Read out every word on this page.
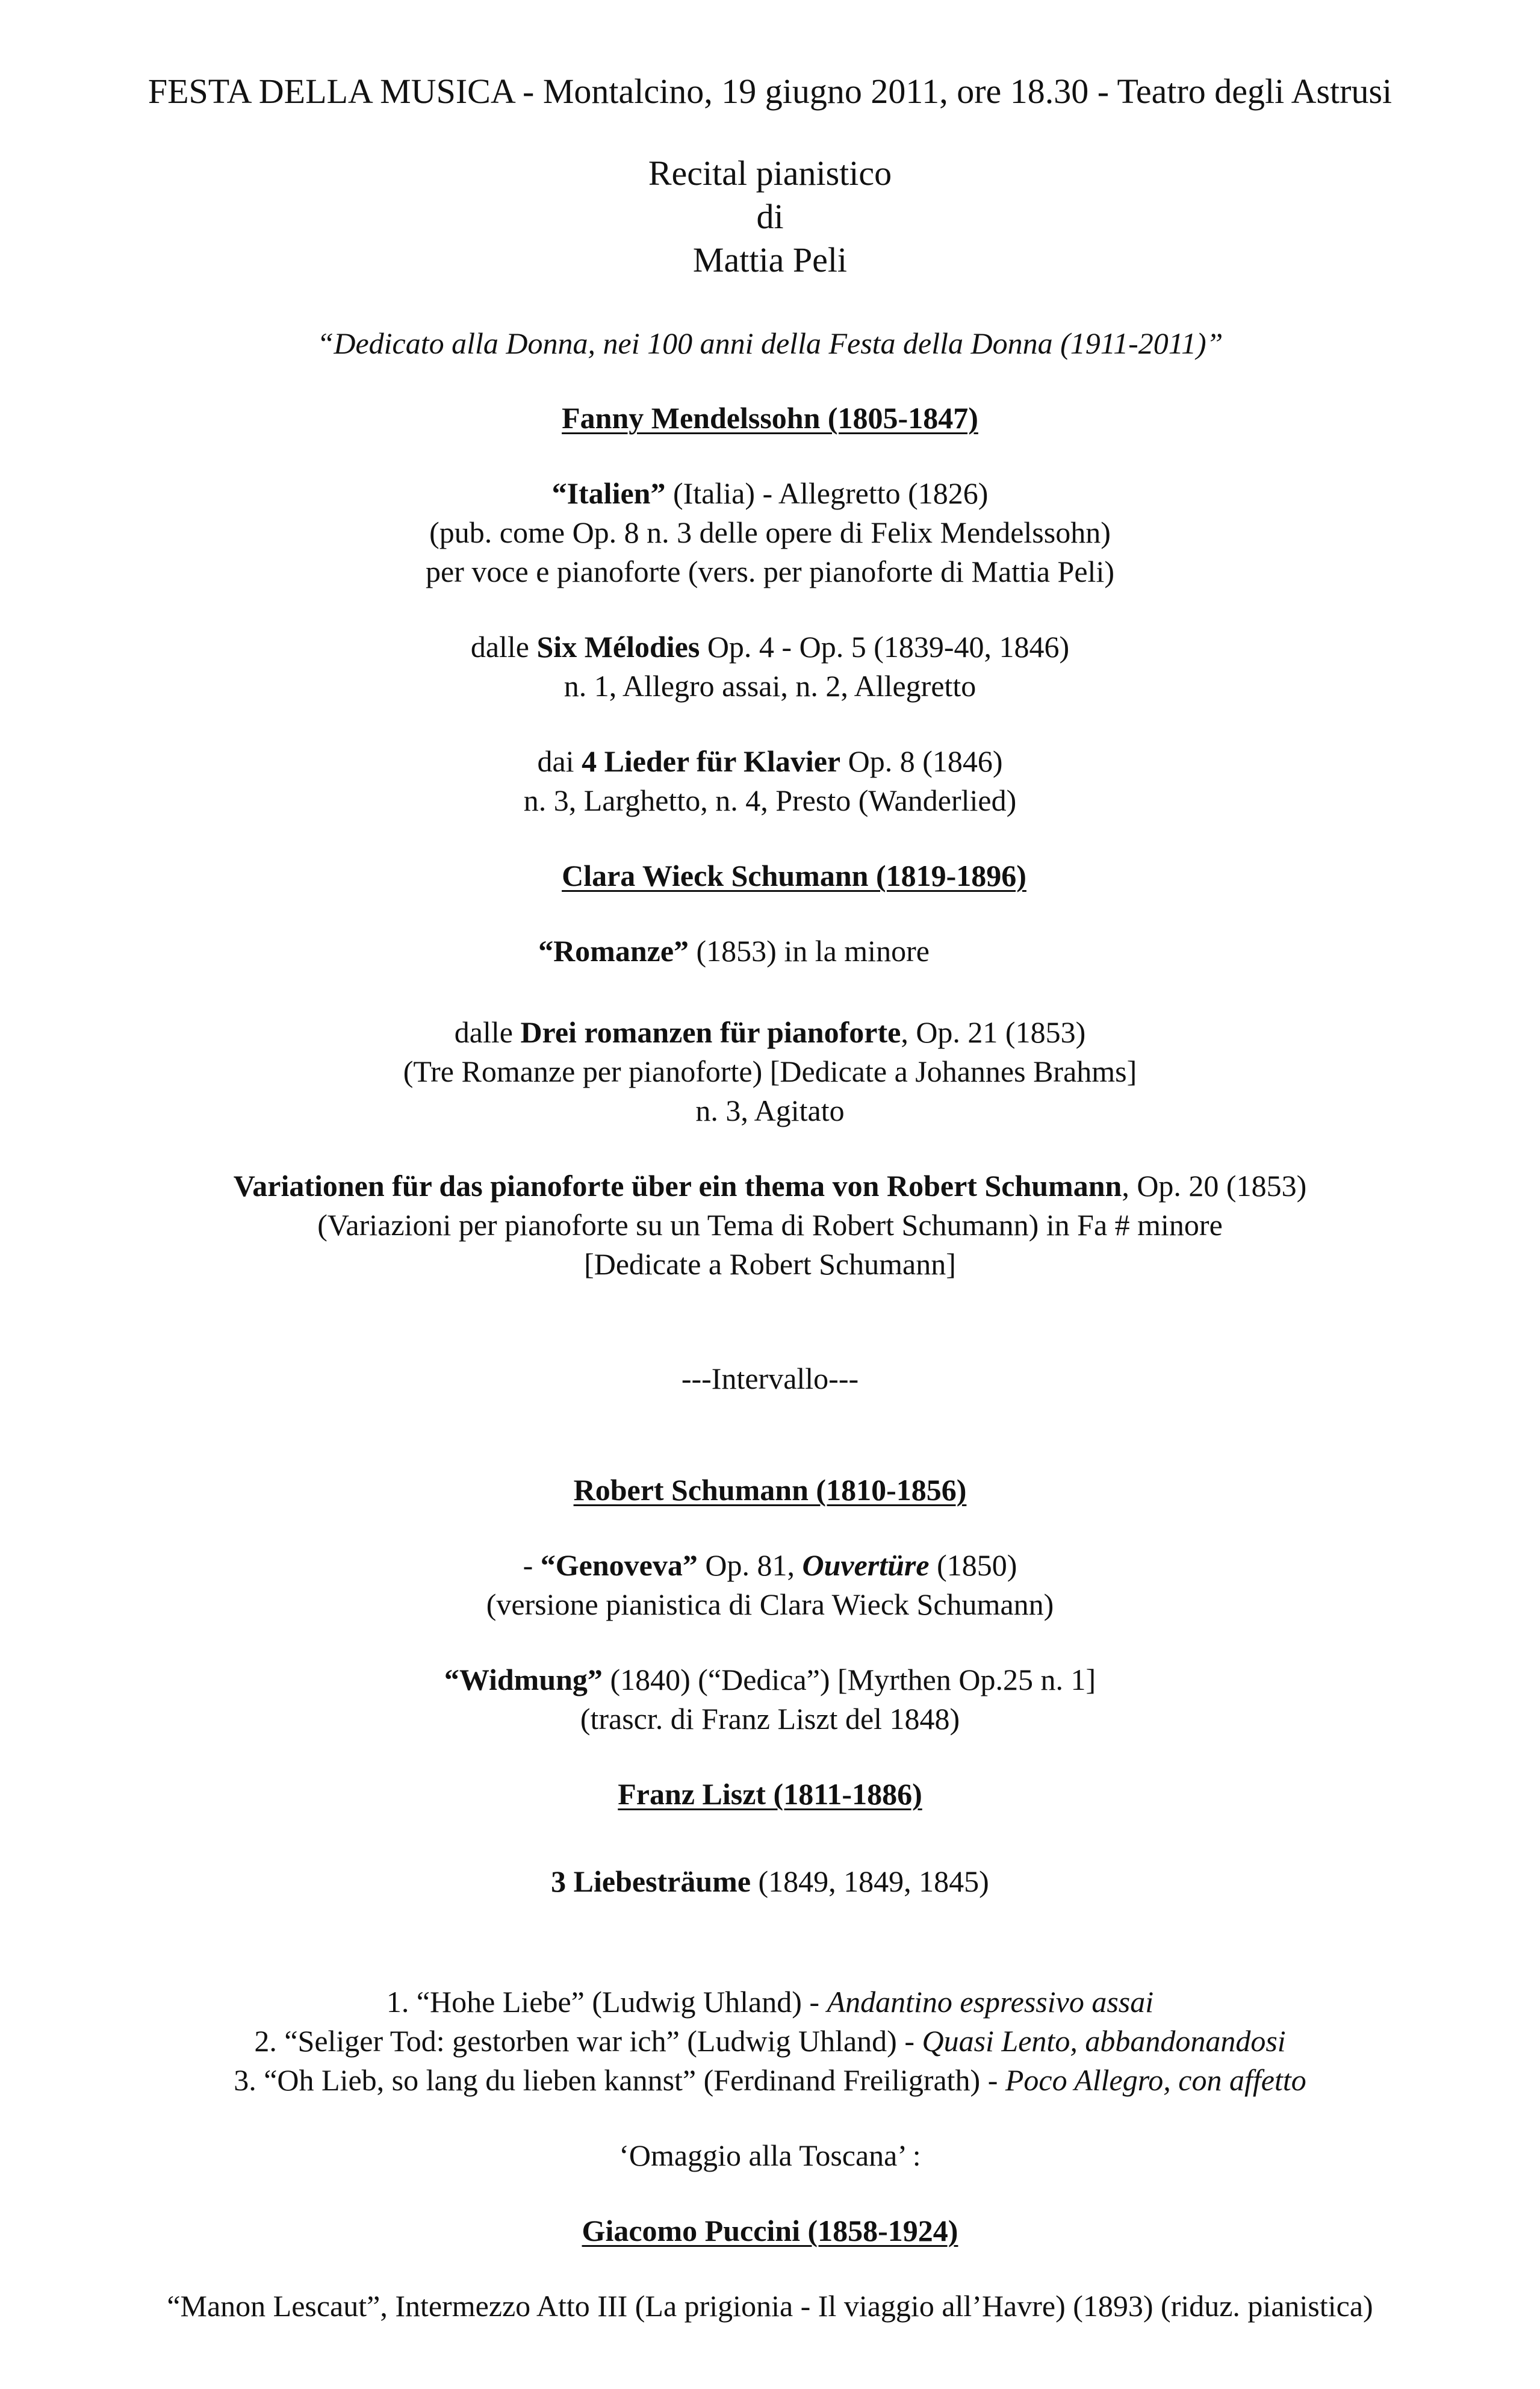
FESTA DELLA MUSICA - Montalcino, 19 giugno 2011, ore 18.30 - Teatro degli Astrusi
Recital pianistico
di
Mattia Peli
“Dedicato alla Donna, nei 100 anni della Festa della Donna (1911-2011)”
Fanny Mendelssohn (1805-1847)
“Italien” (Italia) - Allegretto (1826)
(pub. come Op. 8 n. 3 delle opere di Felix Mendelssohn)
per voce e pianoforte (vers. per pianoforte di Mattia Peli)
dalle Six Mélodies Op. 4 - Op. 5 (1839-40, 1846)
n. 1, Allegro assai, n. 2, Allegretto
dai 4 Lieder für Klavier Op. 8 (1846)
n. 3, Larghetto, n. 4, Presto (Wanderlied)
Clara Wieck Schumann (1819-1896)
“Romanze” (1853) in la minore
dalle Drei romanzen für pianoforte, Op. 21 (1853)
(Tre Romanze per pianoforte) [Dedicate a Johannes Brahms]
n. 3, Agitato
Variationen für das pianoforte über ein thema von Robert Schumann, Op. 20 (1853)
(Variazioni per pianoforte su un Tema di Robert Schumann) in Fa # minore
[Dedicate a Robert Schumann]
---Intervallo---
Robert Schumann (1810-1856)
- “Genoveva” Op. 81, Ouvertüre (1850)
(versione pianistica di Clara Wieck Schumann)
“Widmung” (1840) (“Dedica”) [Myrthen Op.25 n. 1]
(trascr. di Franz Liszt del 1848)
Franz Liszt (1811-1886)
3 Liebesträume (1849, 1849, 1845)
1. “Hohe Liebe” (Ludwig Uhland) - Andantino espressivo assai
2. “Seliger Tod: gestorben war ich” (Ludwig Uhland) - Quasi Lento, abbandonandosi
3. “Oh Lieb, so lang du lieben kannst” (Ferdinand Freiligrath) - Poco Allegro, con affetto
‘Omaggio alla Toscana’ :
Giacomo Puccini (1858-1924)
“Manon Lescaut”, Intermezzo Atto III (La prigionia - Il viaggio all’Havre) (1893) (riduz. pianistica)
